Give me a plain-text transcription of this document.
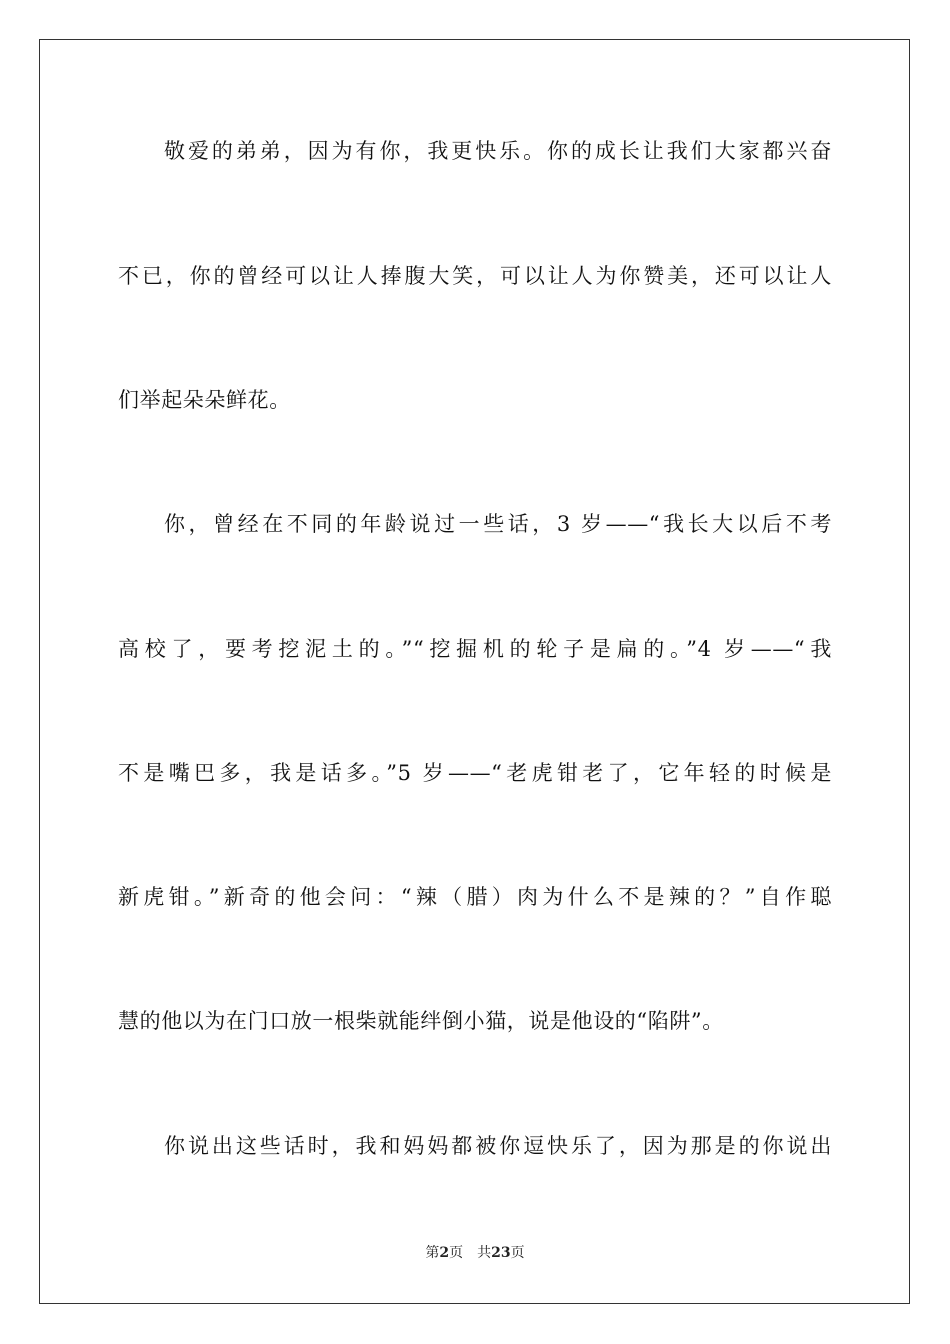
敬爱的弟弟，因为有你，我更快乐。你的成长让我们大家都兴奋
不已，你的曾经可以让人捧腹大笑，可以让人为你赞美，还可以让人
们举起朵朵鲜花。
你，曾经在不同的年龄说过一些话，3 岁——“我长大以后不考
高校了，要考挖泥土的。”“挖掘机的轮子是扁的。”4 岁——“我
不是嘴巴多，我是话多。”5 岁——“老虎钳老了，它年轻的时候是
新虎钳。”新奇的他会问：“辣（腊）肉为什么不是辣的？”自作聪
慧的他以为在门口放一根柴就能绊倒小猫，说是他设的“陷阱”。
你说出这些话时，我和妈妈都被你逗快乐了，因为那是的你说出
第2页 共23页
